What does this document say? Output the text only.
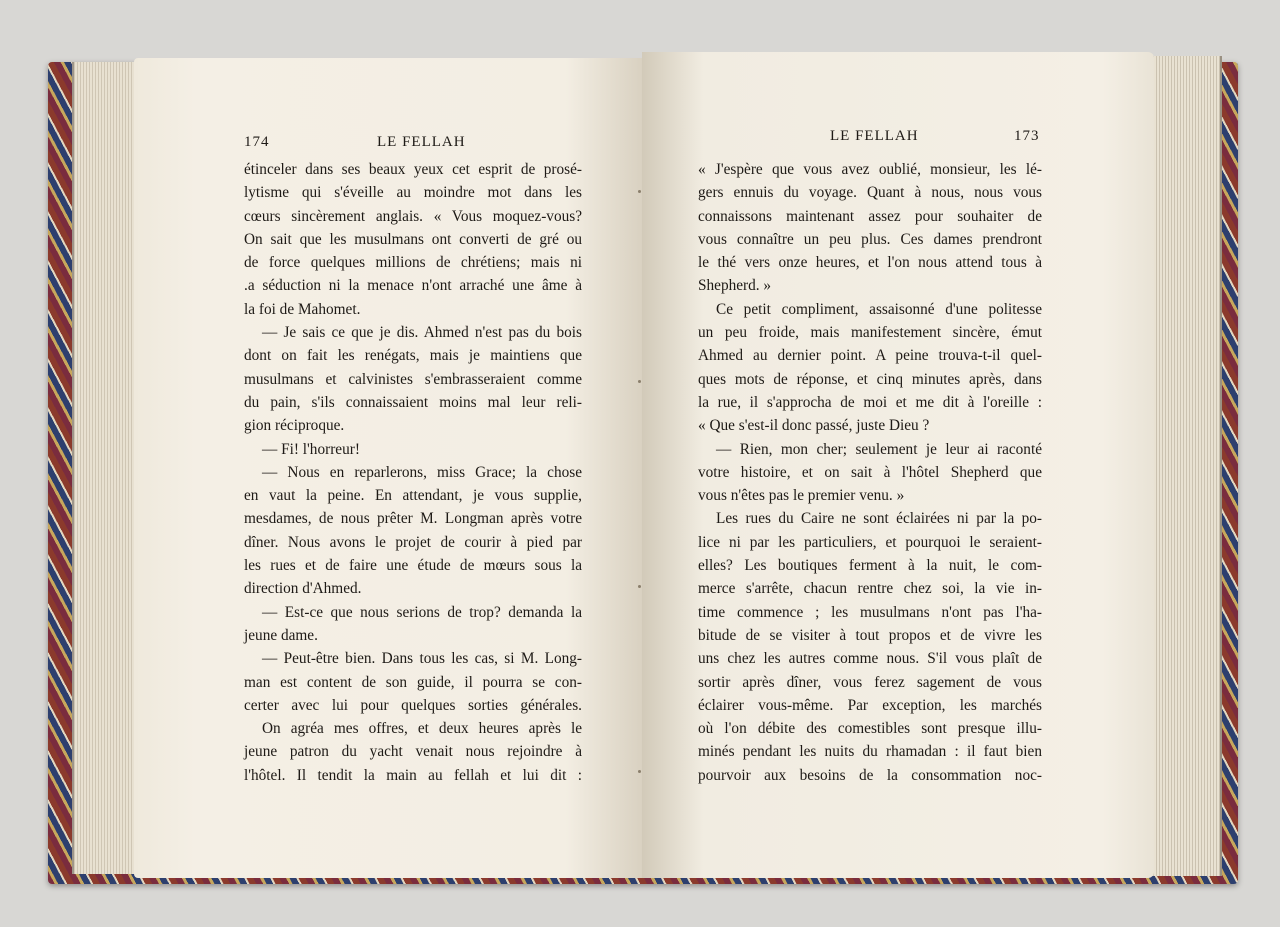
174	LE FELLAH
étinceler dans ses beaux yeux cet esprit de prosé-
lytisme qui s'éveille au moindre mot dans les
cœurs sincèrement anglais. « Vous moquez-vous?
On sait que les musulmans ont converti de gré ou
de force quelques millions de chrétiens; mais ni
.a séduction ni la menace n'ont arraché une âme à
la foi de Mahomet.
— Je sais ce que je dis. Ahmed n'est pas du bois
dont on fait les renégats, mais je maintiens que
musulmans et calvinistes s'embrasseraient comme
du pain, s'ils connaissaient moins mal leur reli-
gion réciproque.
— Fi! l'horreur!
— Nous en reparlerons, miss Grace; la chose
en vaut la peine. En attendant, je vous supplie,
mesdames, de nous prêter M. Longman après votre
dîner. Nous avons le projet de courir à pied par
les rues et de faire une étude de mœurs sous la
direction d'Ahmed.
— Est-ce que nous serions de trop? demanda la
jeune dame.
— Peut-être bien. Dans tous les cas, si M. Long-
man est content de son guide, il pourra se con-
certer avec lui pour quelques sorties générales.
On agréa mes offres, et deux heures après le
jeune patron du yacht venait nous rejoindre à
l'hôtel. Il tendit la main au fellah et lui dit :
LE FELLAH	173
« J'espère que vous avez oublié, monsieur, les lé-
gers ennuis du voyage. Quant à nous, nous vous
connaissons maintenant assez pour souhaiter de
vous connaître un peu plus. Ces dames prendront
le thé vers onze heures, et l'on nous attend tous à
Shepherd. »
Ce petit compliment, assaisonné d'une politesse
un peu froide, mais manifestement sincère, émut
Ahmed au dernier point. A peine trouva-t-il quel-
ques mots de réponse, et cinq minutes après, dans
la rue, il s'approcha de moi et me dit à l'oreille :
« Que s'est-il donc passé, juste Dieu ?
— Rien, mon cher; seulement je leur ai raconté
votre histoire, et on sait à l'hôtel Shepherd que
vous n'êtes pas le premier venu. »
Les rues du Caire ne sont éclairées ni par la po-
lice ni par les particuliers, et pourquoi le seraient-
elles? Les boutiques ferment à la nuit, le com-
merce s'arrête, chacun rentre chez soi, la vie in-
time commence ; les musulmans n'ont pas l'ha-
bitude de se visiter à tout propos et de vivre les
uns chez les autres comme nous. S'il vous plaît de
sortir après dîner, vous ferez sagement de vous
éclairer vous-même. Par exception, les marchés
où l'on débite des comestibles sont presque illu-
minés pendant les nuits du rhamadan : il faut bien
pourvoir aux besoins de la consommation noc-
